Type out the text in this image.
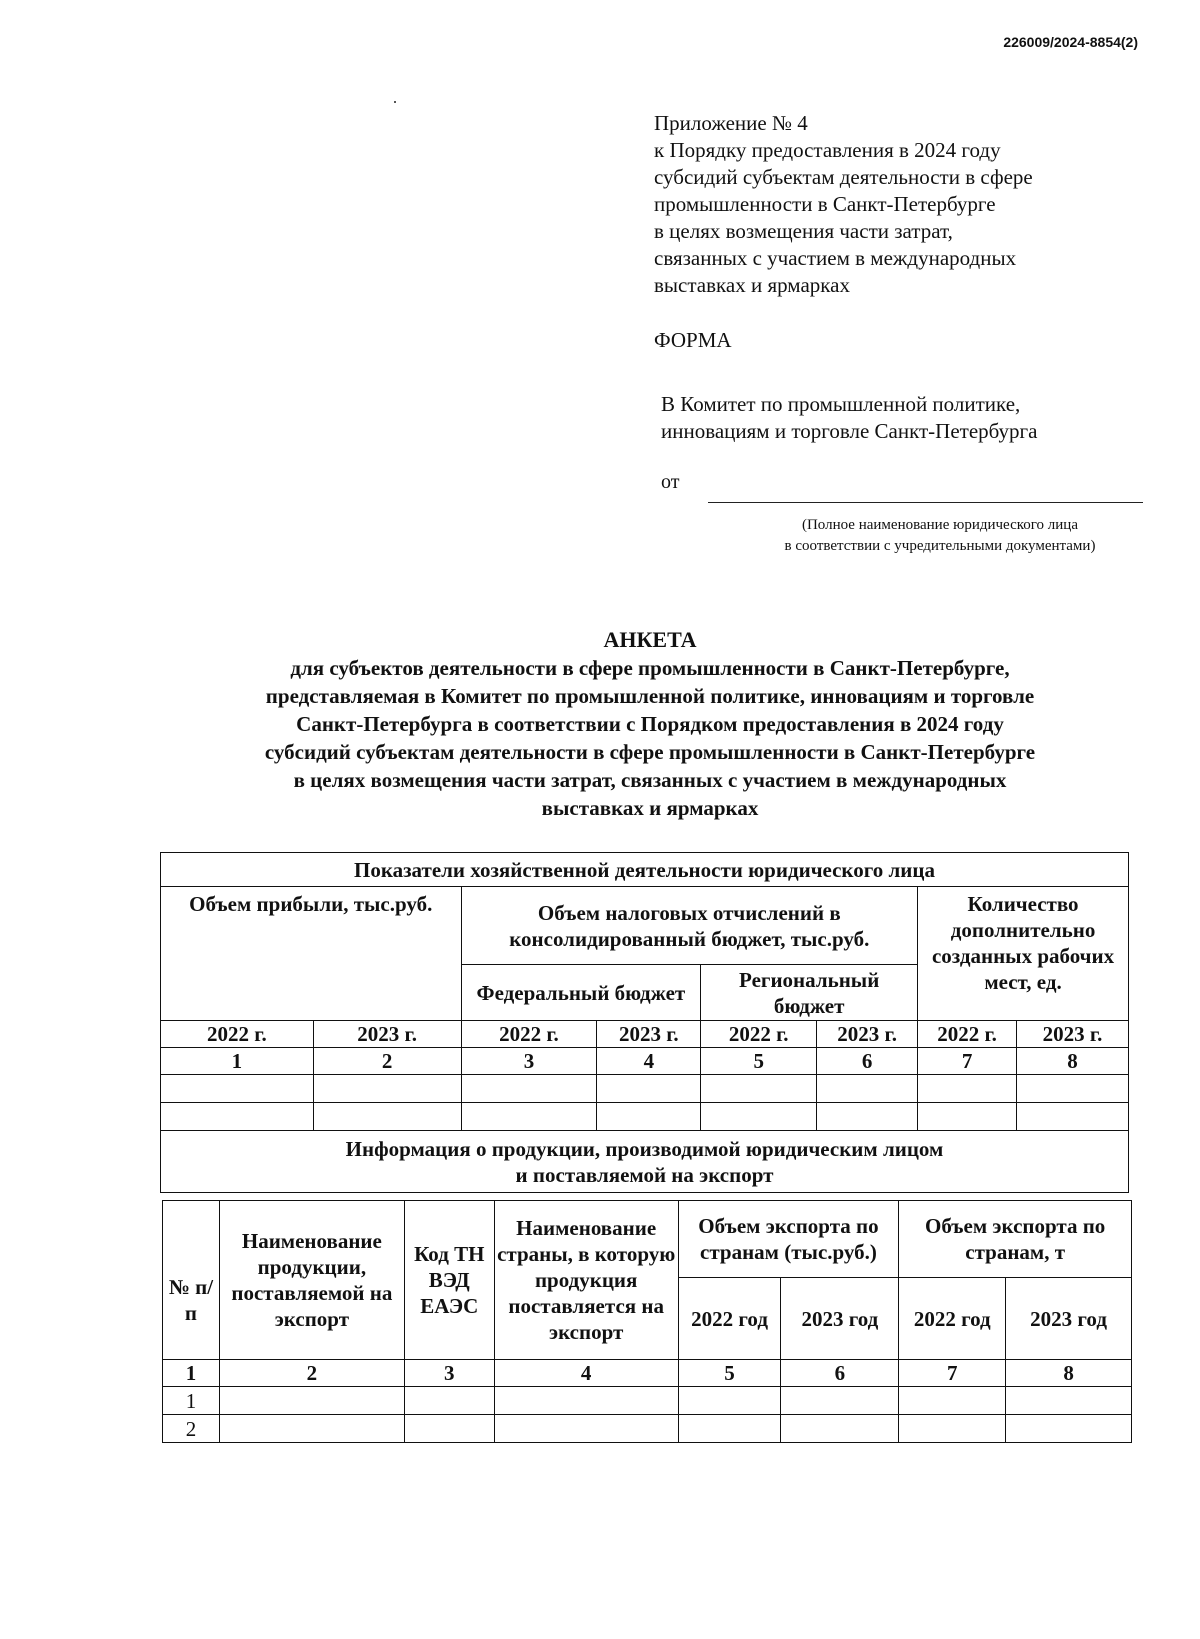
226009/2024-8854(2)
Приложение № 4
к Порядку предоставления в 2024 году
субсидий субъектам деятельности в сфере
промышленности в Санкт-Петербурге
в целях возмещения части затрат,
связанных с участием в международных
выставках и ярмарках
ФОРМА
В Комитет по промышленной политике,
инновациям и торговле Санкт-Петербурга
от
(Полное наименование юридического лица
в соответствии с учредительными документами)
АНКЕТА
для субъектов деятельности в сфере промышленности в Санкт-Петербурге,
представляемая в Комитет по промышленной политике, инновациям и торговле
Санкт-Петербурга в соответствии с Порядком предоставления в 2024 году
субсидий субъектам деятельности в сфере промышленности в Санкт-Петербурге
в целях возмещения части затрат, связанных с участием в международных
выставках и ярмарках
Показатели хозяйственной деятельности юридического лица							
Объем прибыли, тыс.руб.		Объем налоговых отчислений в консолидированный бюджет, тыс.руб.				Количество дополнительно созданных рабочих мест, ед.	
		Федеральный бюджет		Региональный бюджет			
2022 г.	2023 г.	2022 г.	2023 г.	2022 г.	2023 г.	2022 г.	2023 г.
1	2	3	4	5	6	7	8

Информация о продукции, производимой юридическим лицом
и поставляемой на экспорт							
№ п/п	Наименование продукции, поставляемой на экспорт	Код ТН ВЭД ЕАЭС	Наименование страны, в которую продукция поставляется на экспорт	Объем экспорта по странам (тыс.руб.)		Объем экспорта по странам, т	
				2022 год	2023 год	2022 год	2023 год
1	2	3	4	5	6	7	8
1							
2							
